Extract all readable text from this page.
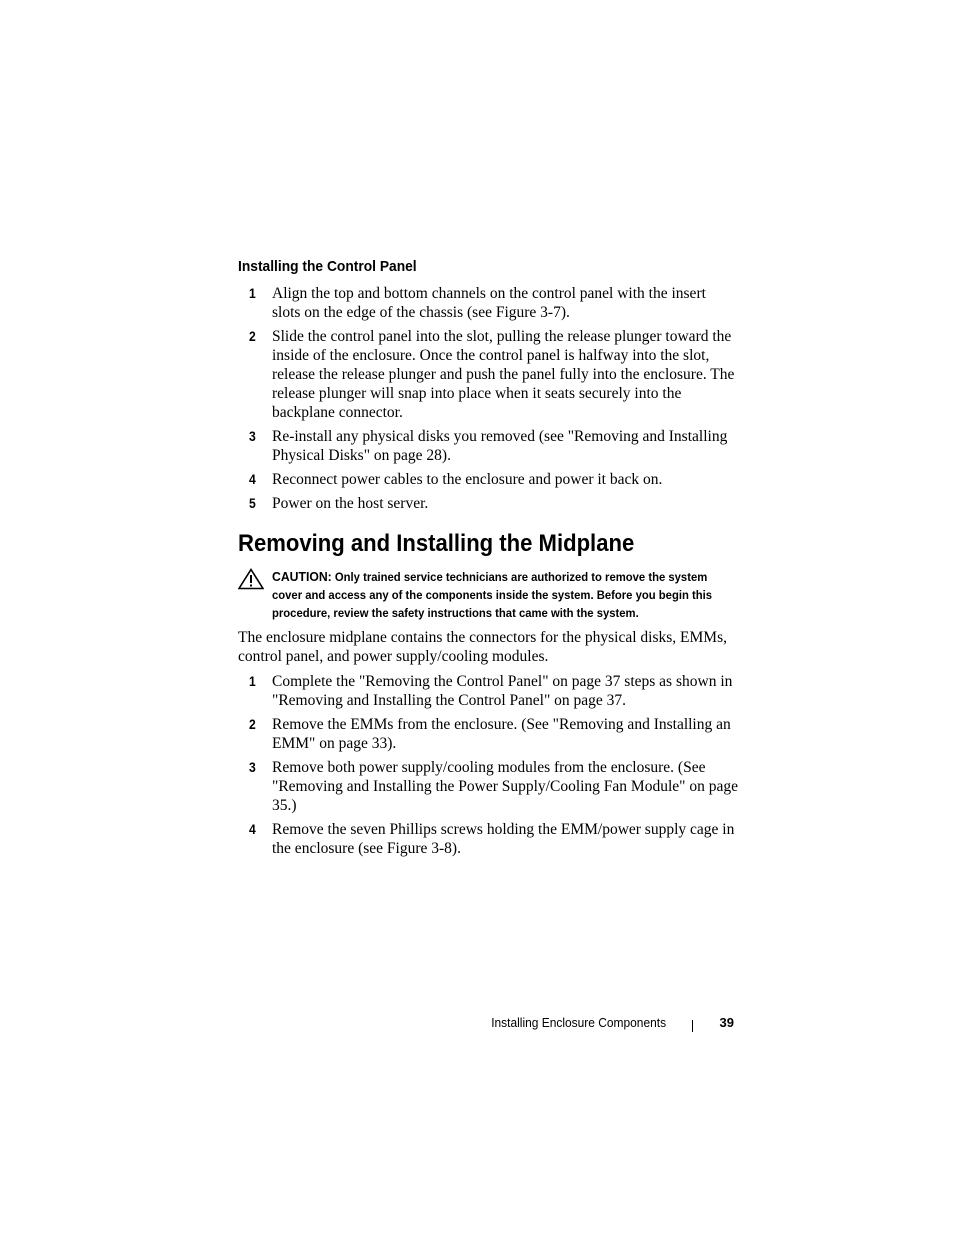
Installing the Control Panel
1 Align the top and bottom channels on the control panel with the insert slots on the edge of the chassis (see Figure 3-7).
2 Slide the control panel into the slot, pulling the release plunger toward the inside of the enclosure. Once the control panel is halfway into the slot, release the release plunger and push the panel fully into the enclosure. The release plunger will snap into place when it seats securely into the backplane connector.
3 Re-install any physical disks you removed (see "Removing and Installing Physical Disks" on page 28).
4 Reconnect power cables to the enclosure and power it back on.
5 Power on the host server.
Removing and Installing the Midplane

CAUTION: Only trained service technicians are authorized to remove the system cover and access any of the components inside the system. Before you begin this procedure, review the safety instructions that came with the system.

The enclosure midplane contains the connectors for the physical disks, EMMs, control panel, and power supply/cooling modules.

1 Complete the "Removing the Control Panel" on page 37 steps as shown in "Removing and Installing the Control Panel" on page 37.
2 Remove the EMMs from the enclosure. (See "Removing and Installing an EMM" on page 33).
3 Remove both power supply/cooling modules from the enclosure. (See "Removing and Installing the Power Supply/Cooling Fan Module" on page 35.)
4 Remove the seven Phillips screws holding the EMM/power supply cage in the enclosure (see Figure 3-8).
Installing Enclosure Components	39
